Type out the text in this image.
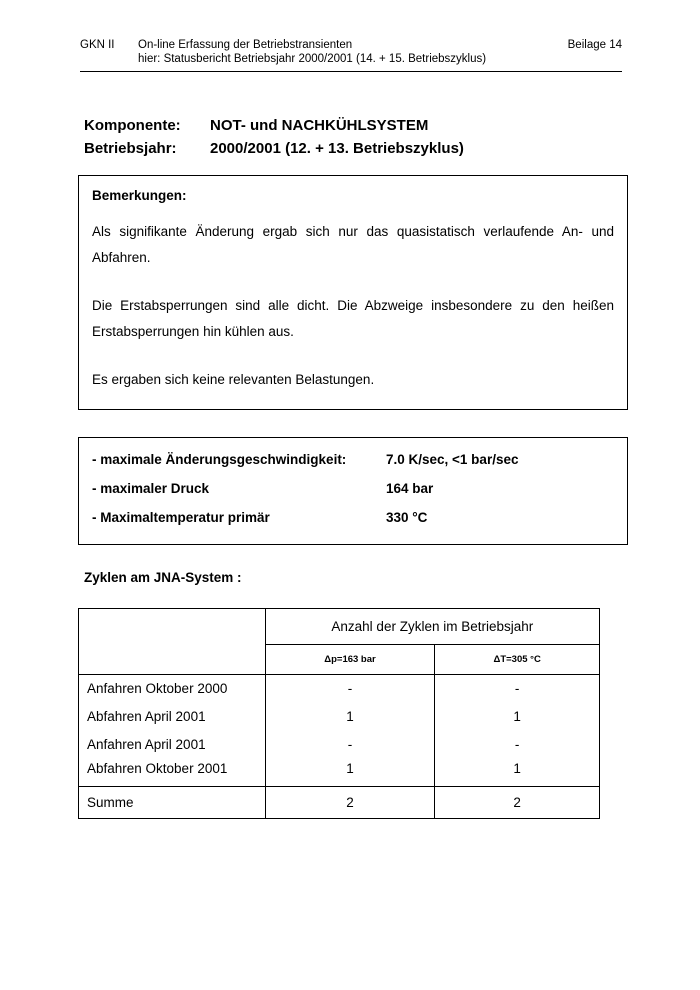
GKN II	On-line Erfassung der Betriebstransienten
hier: Statusbericht Betriebsjahr 2000/2001 (14. + 15. Betriebszyklus)
Beilage 14
Komponente:	NOT- und NACHKÜHLSYSTEM
Betriebsjahr:	2000/2001 (12. + 13. Betriebszyklus)
Bemerkungen:

Als signifikante Änderung ergab sich nur das quasistatisch verlaufende An- und Abfahren.

Die Erstabsperrungen sind alle dicht. Die Abzweige insbesondere zu den heißen Erstabsperrungen hin kühlen aus.

Es ergaben sich keine relevanten Belastungen.

- maximale Änderungsgeschwindigkeit:	7.0 K/sec, <1 bar/sec
- maximaler Druck	164 bar
- Maximaltemperatur primär	330 °C
Zyklen am JNA-System :
	Anzahl der Zyklen im Betriebsjahr	
	Δp=163 bar	ΔT=305 °C
Anfahren Oktober 2000	-	-
Abfahren April 2001	1	1
Anfahren April 2001	-	-
Abfahren Oktober 2001	1	1
Summe	2	2
